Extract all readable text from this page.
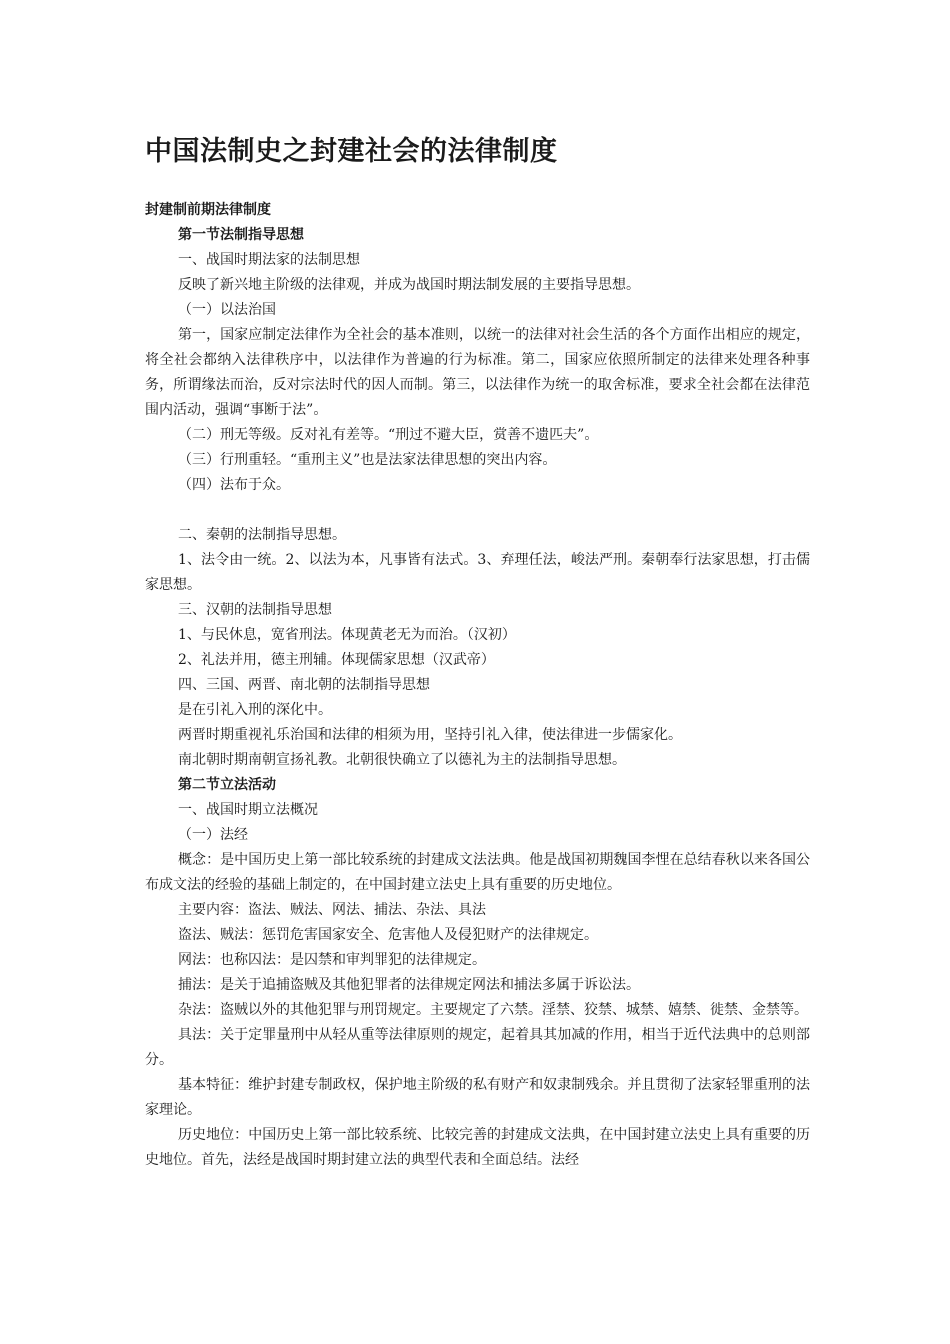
中国法制史之封建社会的法律制度

封建制前期法律制度

第一节法制指导思想

一、战国时期法家的法制思想

反映了新兴地主阶级的法律观，并成为战国时期法制发展的主要指导思想。

（一）以法治国

第一，国家应制定法律作为全社会的基本准则，以统一的法律对社会生活的各个方面作出相应的规定，将全社会都纳入法律秩序中，以法律作为普遍的行为标准。第二，国家应依照所制定的法律来处理各种事务，所谓缘法而治，反对宗法时代的因人而制。第三，以法律作为统一的取舍标准，要求全社会都在法律范围内活动，强调“事断于法”。

（二）刑无等级。反对礼有差等。“刑过不避大臣，赏善不遗匹夫”。

（三）行刑重轻。“重刑主义”也是法家法律思想的突出内容。

（四）法布于众。

二、秦朝的法制指导思想。

1、法令由一统。2、以法为本，凡事皆有法式。3、弃理任法，峻法严刑。秦朝奉行法家思想，打击儒家思想。

三、汉朝的法制指导思想

1、与民休息，宽省刑法。体现黄老无为而治。（汉初）

2、礼法并用，德主刑辅。体现儒家思想（汉武帝）

四、三国、两晋、南北朝的法制指导思想

是在引礼入刑的深化中。

两晋时期重视礼乐治国和法律的相须为用，坚持引礼入律，使法律进一步儒家化。

南北朝时期南朝宣扬礼教。北朝很快确立了以德礼为主的法制指导思想。

第二节立法活动

一、战国时期立法概况

（一）法经

概念：是中国历史上第一部比较系统的封建成文法法典。他是战国初期魏国李悝在总结春秋以来各国公布成文法的经验的基础上制定的，在中国封建立法史上具有重要的历史地位。

主要内容：盗法、贼法、网法、捕法、杂法、具法

盗法、贼法：惩罚危害国家安全、危害他人及侵犯财产的法律规定。

网法：也称囚法：是囚禁和审判罪犯的法律规定。

捕法：是关于追捕盗贼及其他犯罪者的法律规定网法和捕法多属于诉讼法。

杂法：盗贼以外的其他犯罪与刑罚规定。主要规定了六禁。淫禁、狡禁、城禁、嬉禁、徙禁、金禁等。

具法：关于定罪量刑中从轻从重等法律原则的规定，起着具其加减的作用，相当于近代法典中的总则部分。

基本特征：维护封建专制政权，保护地主阶级的私有财产和奴隶制残余。并且贯彻了法家轻罪重刑的法家理论。

历史地位：中国历史上第一部比较系统、比较完善的封建成文法典，在中国封建立法史上具有重要的历史地位。首先，法经是战国时期封建立法的典型代表和全面总结。法经
